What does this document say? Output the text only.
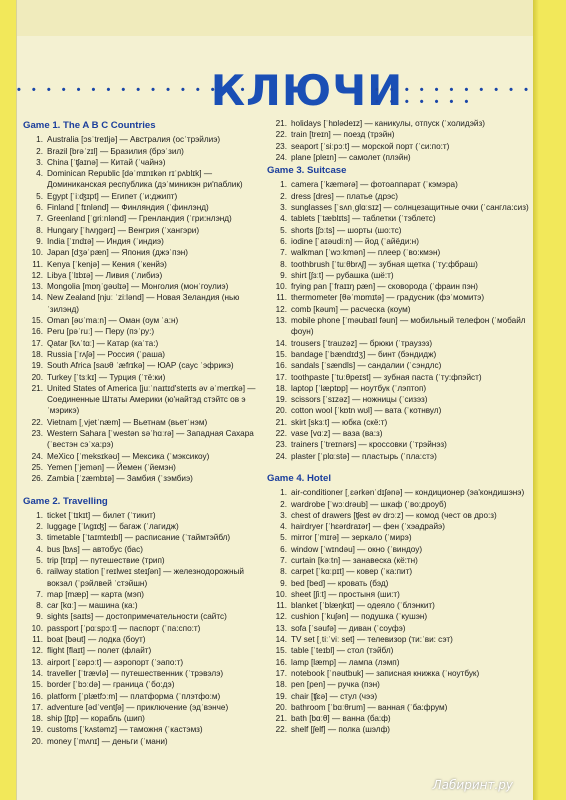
• • • • • • • • • • • • • • • • • •
КЛЮЧИ
• • • • • • • • • • • • • • • • • •
Game 1. The A B C Countries
1. Australia [ɔsˈtreɪljə] — Австралия (оcˈтрэйлиэ)
2. Brazil [brəˈzɪl] — Бразилия (брэˈзил)
3. China [ˈʧaɪnə] — Китай (ˈчайнэ)
4. Dominican Republic [dəˈmɪnɪkən rɪˈpʌblɪk] — Доминиканская республика (дэˈминикэн ри'паблик)
5. Egypt [ˈiːʤɪpt] — Египет (ˈи:джипт)
6. Finland [ˈfɪnlənd] — Финляндия (ˈфинлэнд)
7. Greenland [ˈgriːnlənd] — Гренландия (ˈгри:нлэнд)
8. Hungary [ˈhʌŋgərɪ] — Венгрия (ˈхангэри)
9. India [ˈɪndɪə] — Индия (ˈиндиэ)
10. Japan [dʒəˈpæn] — Япония (джэˈпэн)
11. Kenya [ˈkenjə] — Кения (ˈкенйэ)
12. Libya [ˈlɪbɪə] — Ливия (ˈлибиэ)
13. Mongolia [mɒŋˈgəʊlɪə] — Монголия (монˈгоулиэ)
14. New Zealand [njuː ˈziːlənd] — Новая Зеландия (нью ˈзилэнд)
15. Oman [əʊˈmaːn] — Оман (оум ˈа:н)
16. Peru [pəˈruː] — Перу (пэˈру:)
17. Qatar [kʌˈtɑː] — Катар (каˈта:)
18. Russia [ˈrʌʃə] — Россия (ˈраша)
19. South Africa [saʊθ ˈæfrɪkə] — ЮАР (саус ˈэфрикэ)
20. Turkey [ˈtɜːkɪ] — Турция (ˈтё:ки)
21. United States of America [juːˈnaɪtɪd'steɪts əv əˈmerɪkə] — Соединенные Штаты Америки (ю'найтэд стэйтс ов эˈмэрикэ)
22. Vietnam [ˌvjetˈnæm] — Вьетнам (вьетˈнэм)
23. Western Sahara [ˈwestən səˈhɑːrə] — Западная Сахара (ˈвестэн сэˈха:рэ)
24. MeXico [ˈmeksɪkəʊ] — Мексика (ˈмэксикоу)
25. Yemen [ˈjemən] — Йемен (ˈйемэн)
26. Zambia [ˈzæmbɪə] — Замбия (ˈзэмбиэ)
Game 2. Travelling
1. ticket [ˈtɪkɪt] — билет (ˈтикит)
2. luggage [ˈlʌgɪʤ] — багаж (ˈлагидж)
3. timetable [ˈtaɪmteɪbl] — расписание (ˈтаймтэйбл)
4. bus [bʌs] — автобус (бас)
5. trip [trɪp] — путешествие (трип)
6. railway station [ˈreɪlweɪ steɪʃən] — железнодорожный вокзал (ˈрэйлвей ˈстэйшн)
7. map [mæp] — карта (мэп)
8. car [kɑː] — машина (ка:)
9. sights [saɪts] — достопримечательности (сайтс)
10. passport [ˈpɑːspɔːt] — паспорт (ˈпа:спо:т)
11. boat [bəut] — лодка (боут)
12. flight [flaɪt] — полет (флайт)
13. airport [ˈɛəpɔːt] — аэропорт (ˈэапо:т)
14. traveller [ˈtrævlə] — путешественник (ˈтрэвэлэ)
15. border [ˈbɔːdə] — граница (ˈбо:дэ)
16. platform [ˈplætfɔːm] — платформа (ˈплэтфо:м)
17. adventure [ədˈventʃə] — приключение (эдˈвэнче)
18. ship [ʃɪp] — корабль (шип)
19. customs [ˈkʌstəmz] — таможня (ˈкастэмз)
20. money [ˈmʌnɪ] — деньги (ˈмани)
21. holidays [ˈhɒlədeɪz] — каникулы, отпуск (ˈхолидэйз)
22. train [treɪn] — поезд (трэйн)
23. seaport [ˈsiːpɔːt] — морской порт (ˈси:по:т)
24. plane [pleɪn] — самолет (плэйн)
Game 3. Suitcase
1. camera [ˈkæmərə] — фотоаппарат (ˈкэмэра)
2. dress [dres] — платье (дрэс)
3. sunglasses [ˈsʌnˌglɑːsɪz] — солнцезащитные очки (ˈсанглa:сиз)
4. tablets [ˈtæblɪts] — таблетки (ˈтэблетс)
5. shorts [ʃɔːts] — шорты (шо:тс)
6. iodine [ˈaɪəudiːn] — йод (ˈайёди:н)
7. walkman [ˈwɔːkmən] — плеер (ˈво:кмэн)
8. toothbrush [ˈtuːθbrʌʃ] — зубная щетка (ˈту:фбраш)
9. shirt [ʃɜːt] — рубашка (шё:т)
10. frying pan [ˈfraɪɪŋ pæn] — сковорода (ˈфраин пэн)
11. thermometer [θəˈmɒmɪtə] — градусник (фэˈмомитэ)
12. comb [kəum] — расческа (коум)
13. mobile phone [ˈməubaɪl fəun] — мобильный телефон (ˈмобайл фоун)
14. trousers [ˈtrauzəz] — брюки (ˈтраузэз)
15. bandage [ˈbændɪdʒ] — бинт (бэндидж)
16. sandals [ˈsændls] — сандалии (ˈсэндлс)
17. toothpaste [ˈtuːθpeɪst] — зубная паста (ˈту:фпэйст)
18. laptop [ˈlæptɒp] — ноутбук (ˈлэптоп)
19. scissors [ˈsɪzəz] — ножницы (ˈсизэз)
20. cotton wool [ˈkɒtn wʊl] — вата (ˈкотнвул)
21. skirt [skɜːt] — юбка (скё:т)
22. vase [vɑːz] — ваза (ва:з)
23. trainers [ˈtreɪnərs] — кроссовки (ˈтрэйнэз)
24. plaster [ˈplɑːstə] — пластырь (ˈпла:стэ)
Game 4. Hotel
1. air-conditioner [ˌɛərkənˈdɪʃənə] — кондиционер (эа'кондишэнэ)
2. wardrobe [ˈwɔːdrəub] — шкаф (ˈво:дроуб)
3. chest of drawers [ʧest əv drɔːz] — комод (чест ов дро:з)
4. hairdryer [ˈhɛərdraɪər] — фен (ˈхэадрайэ)
5. mirror [ˈmɪrə] — зеркало (ˈмирэ)
6. window [ˈwɪndəu] — окно (ˈвиндоу)
7. curtain [kəːtn] — занавеска (кё:тн)
8. carpet [ˈkɑːpɪt] — ковер (ˈка:пит)
9. bed [bed] — кровать (бэд)
10. sheet [ʃiːt] — простыня (ши:т)
11. blanket [ˈblæŋkɪt] — одеяло (ˈблэнкит)
12. cushion [ˈkuʃən] — подушка (ˈкушэн)
13. sofa [ˈsəufə] — диван (ˈсоуфэ)
14. TV set [ˌtiːˈviː set] — телевизор (ти:ˈви: сэт)
15. table [ˈteɪbl] — стол (тэйбл)
16. lamp [læmp] — лампа (лэмп)
17. notebook [ˈnəutbuk] — записная книжка (ˈноутбук)
18. pen [pen] — ручка (пэн)
19. chair [ʧɛə] — стул (чээ)
20. bathroom [ˈbɑːθrum] — ванная (ˈба:фрум)
21. bath [bɑːθ] — ванна (ба:ф)
22. shelf [ʃelf] — полка (шэлф)
Лабиринт.ру
